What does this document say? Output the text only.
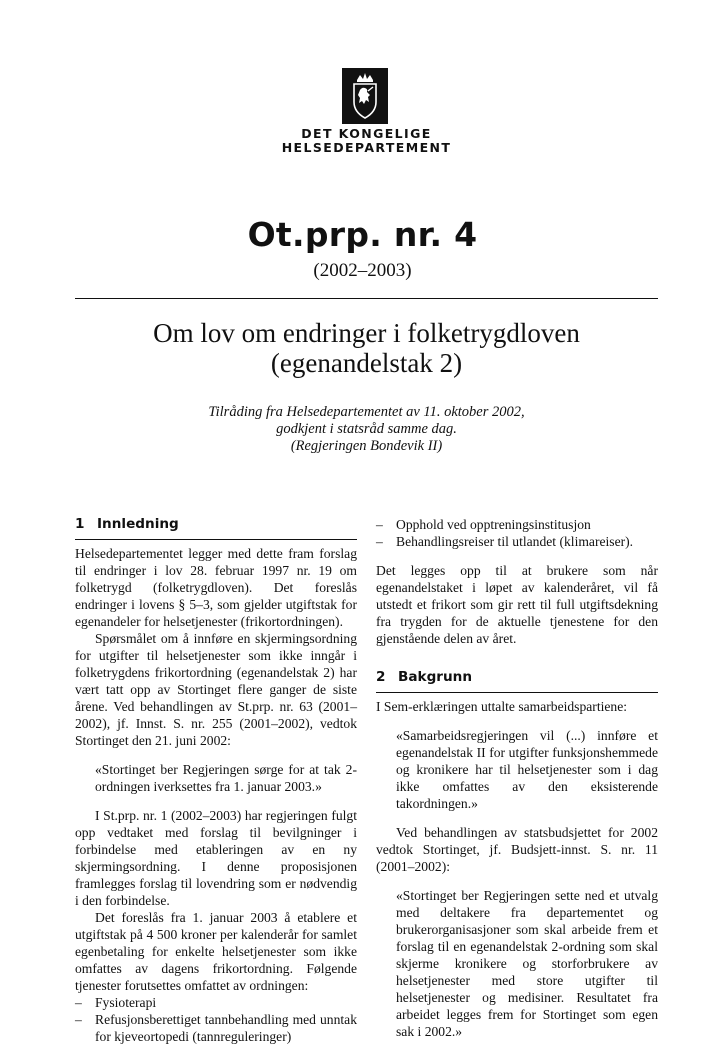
DET KONGELIGE
HELSEDEPARTEMENT
Ot.prp. nr. 4
(2002–2003)
Om lov om endringer i folketrygdloven
(egenandelstak 2)
Tilråding fra Helsedepartementet av 11. oktober 2002,
godkjent i statsråd samme dag.
(Regjeringen Bondevik II)
1 Innledning

Helsedepartementet legger med dette fram forslag til endringer i lov 28. februar 1997 nr. 19 om folketrygd (folketrygdloven). Det foreslås endringer i lovens § 5–3, som gjelder utgiftstak for egenandeler for helsetjenester (frikortordningen).

Spørsmålet om å innføre en skjermingsordning for utgifter til helsetjenester som ikke inngår i folketrygdens frikortordning (egenandelstak 2) har vært tatt opp av Stortinget flere ganger de siste årene. Ved behandlingen av St.prp. nr. 63 (2001–2002), jf. Innst. S. nr. 255 (2001–2002), vedtok Stortinget den 21. juni 2002:

«Stortinget ber Regjeringen sørge for at tak 2-ordningen iverksettes fra 1. januar 2003.»

I St.prp. nr. 1 (2002–2003) har regjeringen fulgt opp vedtaket med forslag til bevilgninger i forbindelse med etableringen av en ny skjermingsordning. I denne proposisjonen framlegges forslag til lovendring som er nødvendig i den forbindelse.

Det foreslås fra 1. januar 2003 å etablere et utgiftstak på 4 500 kroner per kalenderår for samlet egenbetaling for enkelte helsetjenester som ikke omfattes av dagens frikortordning. Følgende tjenester forutsettes omfattet av ordningen:

– Fysioterapi
– Refusjonsberettiget tannbehandling med unntak for kjeveortopedi (tannreguleringer)
– Opphold ved opptreningsinstitusjon
– Behandlingsreiser til utlandet (klimareiser).

Det legges opp til at brukere som når egenandelstaket i løpet av kalenderåret, vil få utstedt et frikort som gir rett til full utgiftsdekning fra trygden for de aktuelle tjenestene for den gjenstående delen av året.

2 Bakgrunn

I Sem-erklæringen uttalte samarbeidspartiene:

«Samarbeidsregjeringen vil (...) innføre et egenandelstak II for utgifter funksjonshemmede og kronikere har til helsetjenester som i dag ikke omfattes av den eksisterende takordningen.»

Ved behandlingen av statsbudsjettet for 2002 vedtok Stortinget, jf. Budsjett-innst. S. nr. 11 (2001–2002):

«Stortinget ber Regjeringen sette ned et utvalg med deltakere fra departementet og brukerorganisasjoner som skal arbeide frem et forslag til en egenandelstak 2-ordning som skal skjerme kronikere og storforbrukere av helsetjenester med store utgifter til helsetjenester og medisiner. Resultatet fra arbeidet legges frem for Stortinget som egen sak i 2002.»
